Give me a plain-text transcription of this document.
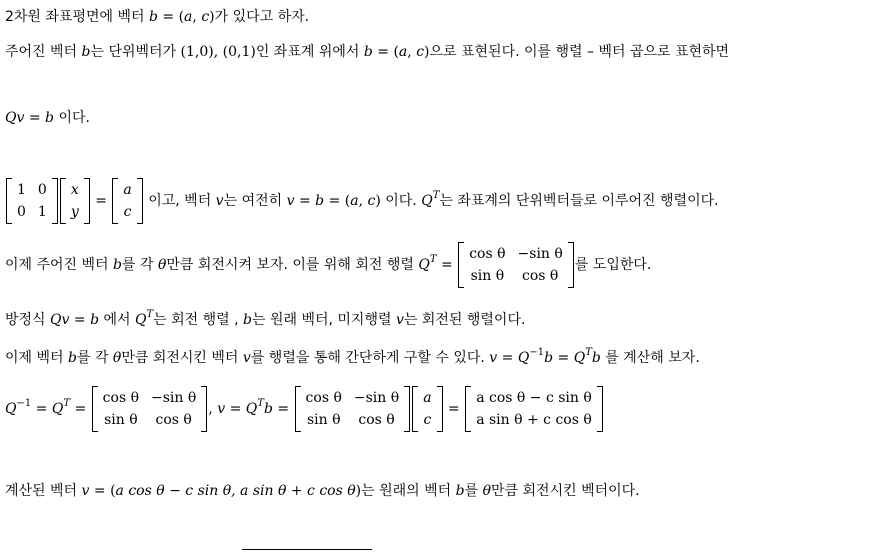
2차원 좌표평면에 벡터 b = (a, c)가 있다고 하자.
주어진 벡터 b는 단위벡터가 (1,0), (0,1)인 좌표계 위에서 b = (a, c)으로 표현된다. 이를 행렬 – 벡터 곱으로 표현하면
Qv = b 이다.
1 0
0 1
x
y
=
a
c
이고, 벡터 v는 여전히 v = b = (a, c) 이다. $Q^T$는 좌표계의 단위벡터들로 이루어진 행렬이다.
이제 주어진 벡터 b를 각 θ만큼 회전시켜 보자. 이를 위해 회전 행렬 $Q^T$ =
cos θ −sin θ
sin θ	cos θ
를 도입한다.
방정식 Qv = b 에서 $Q^T$는 회전 행렬 , b는 원래 벡터, 미지행렬 v는 회전된 행렬이다.
이제 벡터 b를 각 θ만큼 회전시킨 벡터 v를 행렬을 통해 간단하게 구할 수 있다. $v = Q^{-1}b = Q^Tb$ 를 계산해 보자.
$Q^{-1} = Q^T$ =
cos θ −sin θ
sin θ	cos θ
, $v = Q^Tb$ =
cos θ −sin θ
sin θ	cos θ
a
c
=
a cos θ − c sin θ
a sin θ + c cos θ
계산된 벡터 v = (a cos θ − c sin θ, a sin θ + c cos θ)는 원래의 벡터 b를 θ만큼 회전시킨 벡터이다.
